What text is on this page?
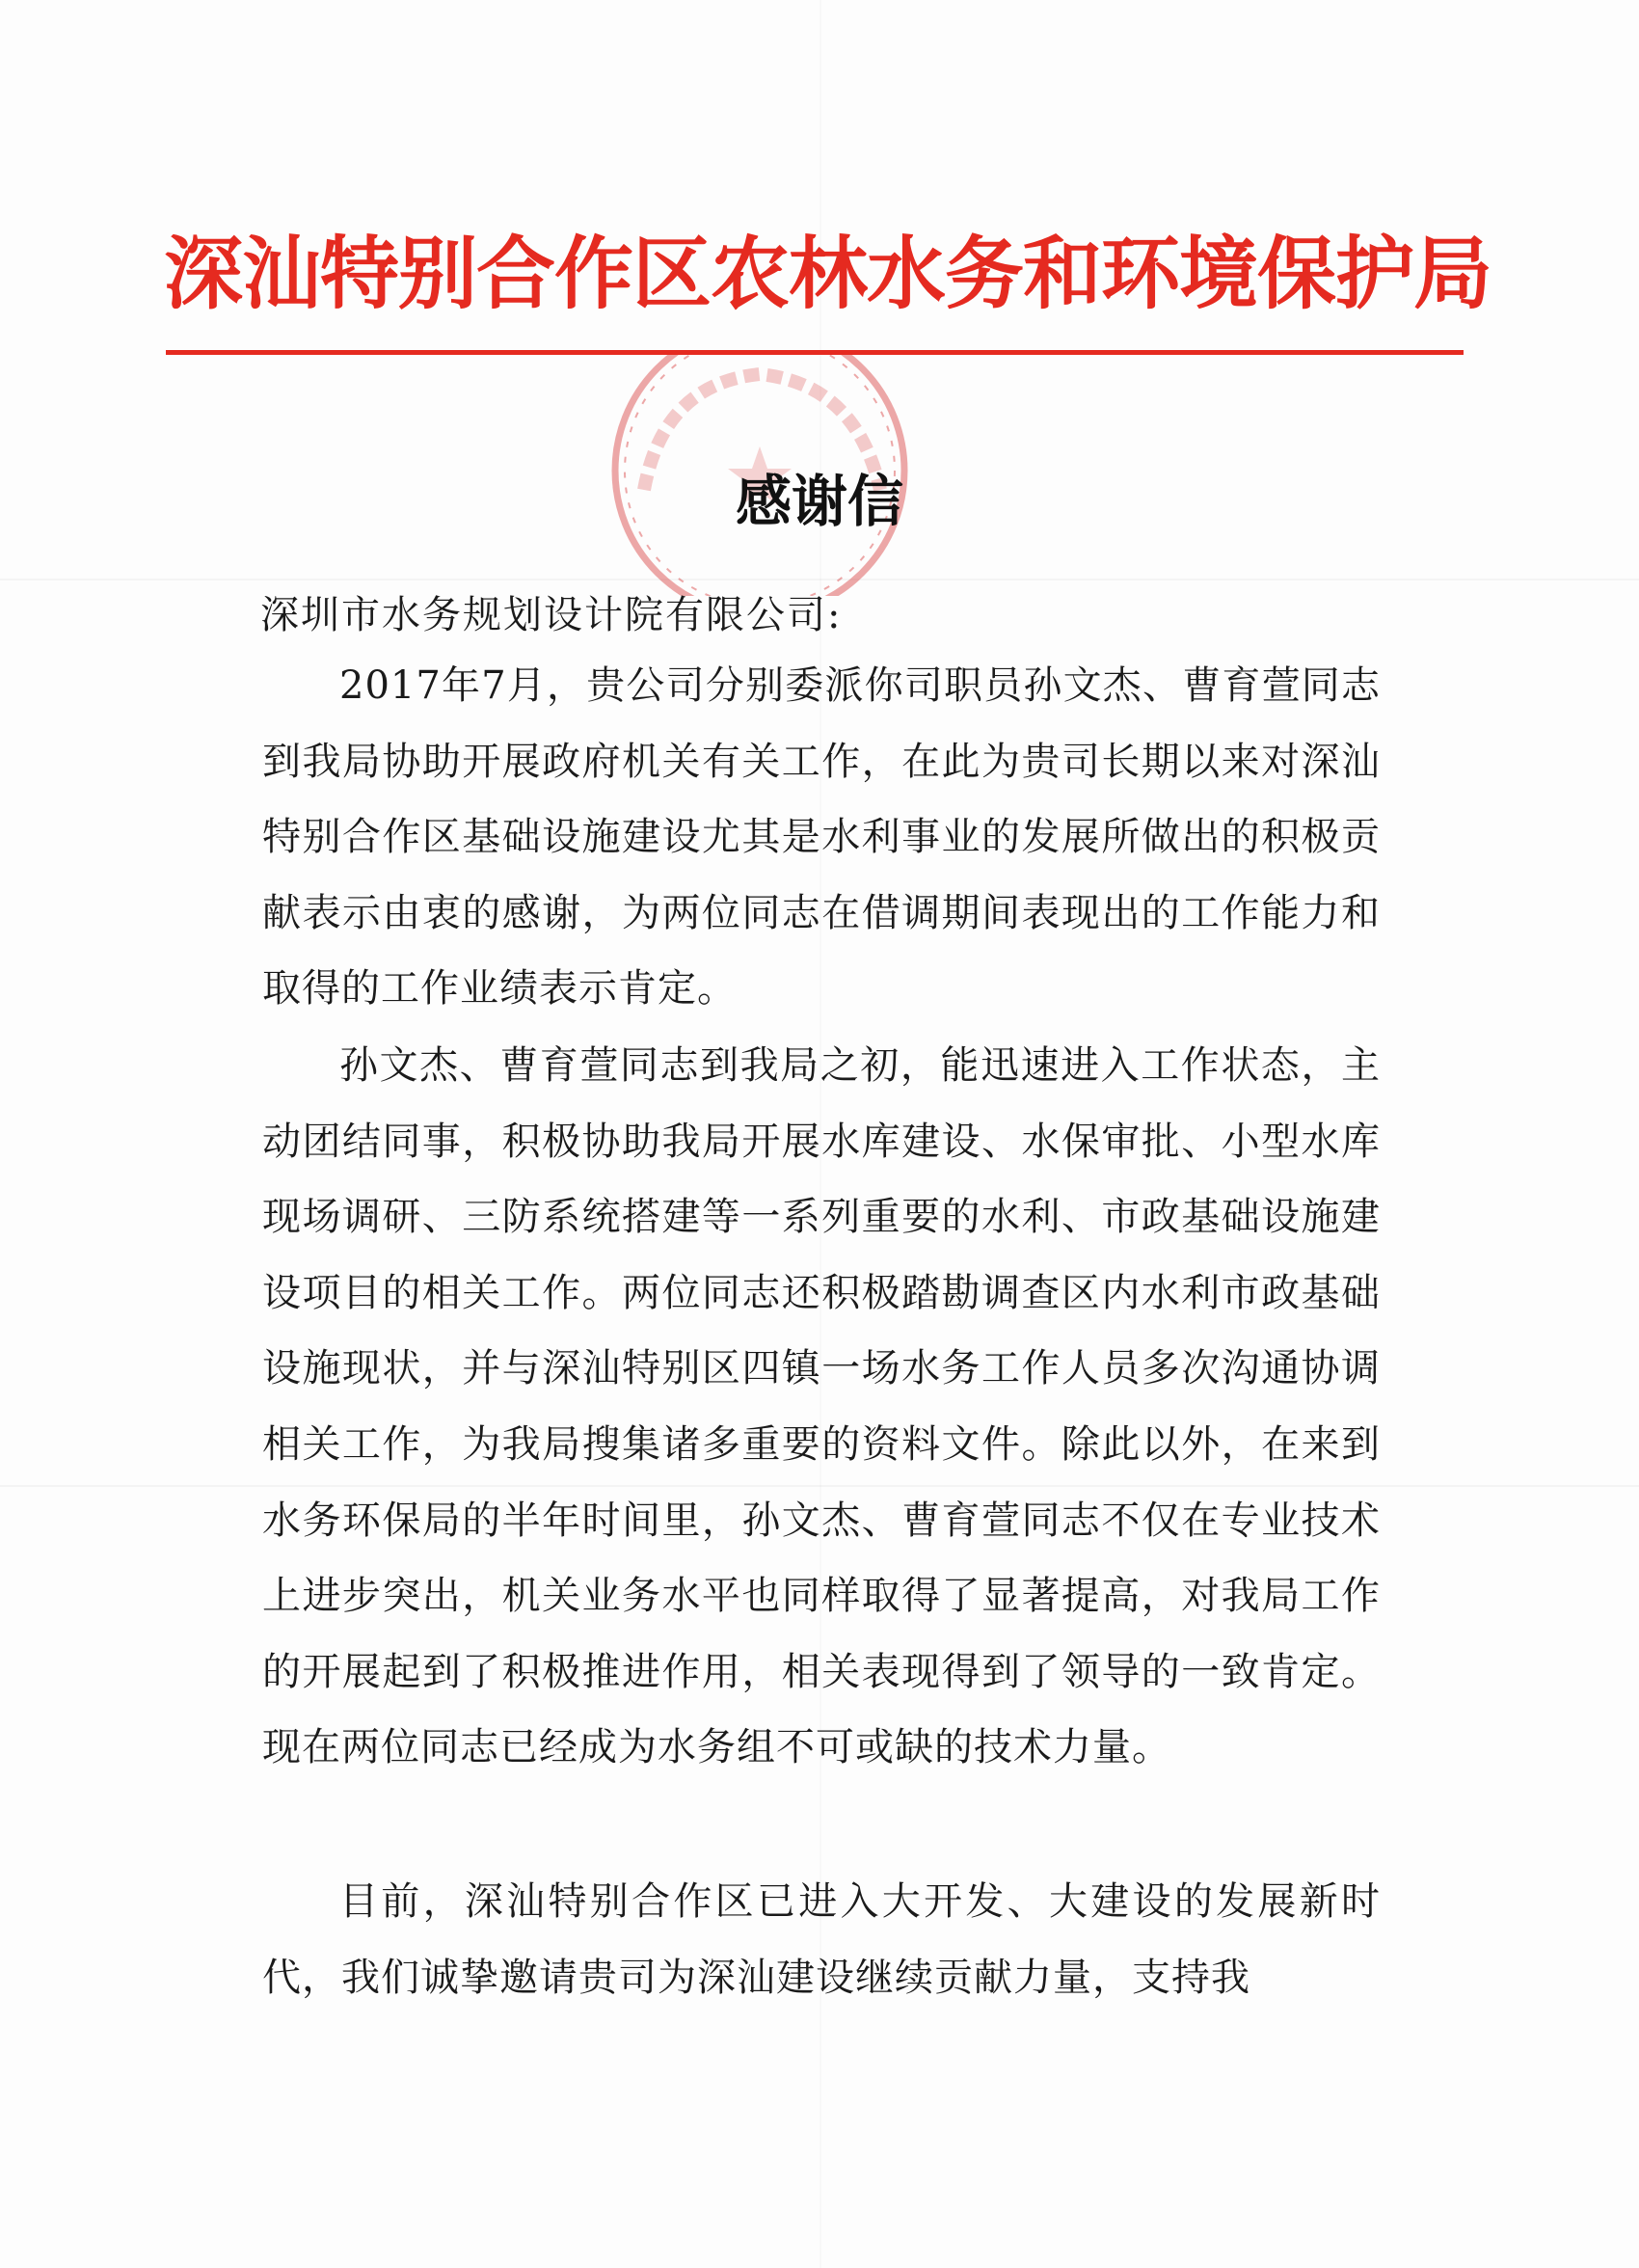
深汕特别合作区农林水务和环境保护局
感谢信
深圳市水务规划设计院有限公司:
2017年7月，贵公司分别委派你司职员孙文杰、曹育萱同志到我局协助开展政府机关有关工作，在此为贵司长期以来对深汕特别合作区基础设施建设尤其是水利事业的发展所做出的积极贡献表示由衷的感谢，为两位同志在借调期间表现出的工作能力和取得的工作业绩表示肯定。
孙文杰、曹育萱同志到我局之初，能迅速进入工作状态，主动团结同事，积极协助我局开展水库建设、水保审批、小型水库现场调研、三防系统搭建等一系列重要的水利、市政基础设施建设项目的相关工作。两位同志还积极踏勘调查区内水利市政基础设施现状，并与深汕特别区四镇一场水务工作人员多次沟通协调相关工作，为我局搜集诸多重要的资料文件。除此以外，在来到水务环保局的半年时间里，孙文杰、曹育萱同志不仅在专业技术上进步突出，机关业务水平也同样取得了显著提高，对我局工作的开展起到了积极推进作用，相关表现得到了领导的一致肯定。现在两位同志已经成为水务组不可或缺的技术力量。
目前，深汕特别合作区已进入大开发、大建设的发展新时代，我们诚挚邀请贵司为深汕建设继续贡献力量，支持我
